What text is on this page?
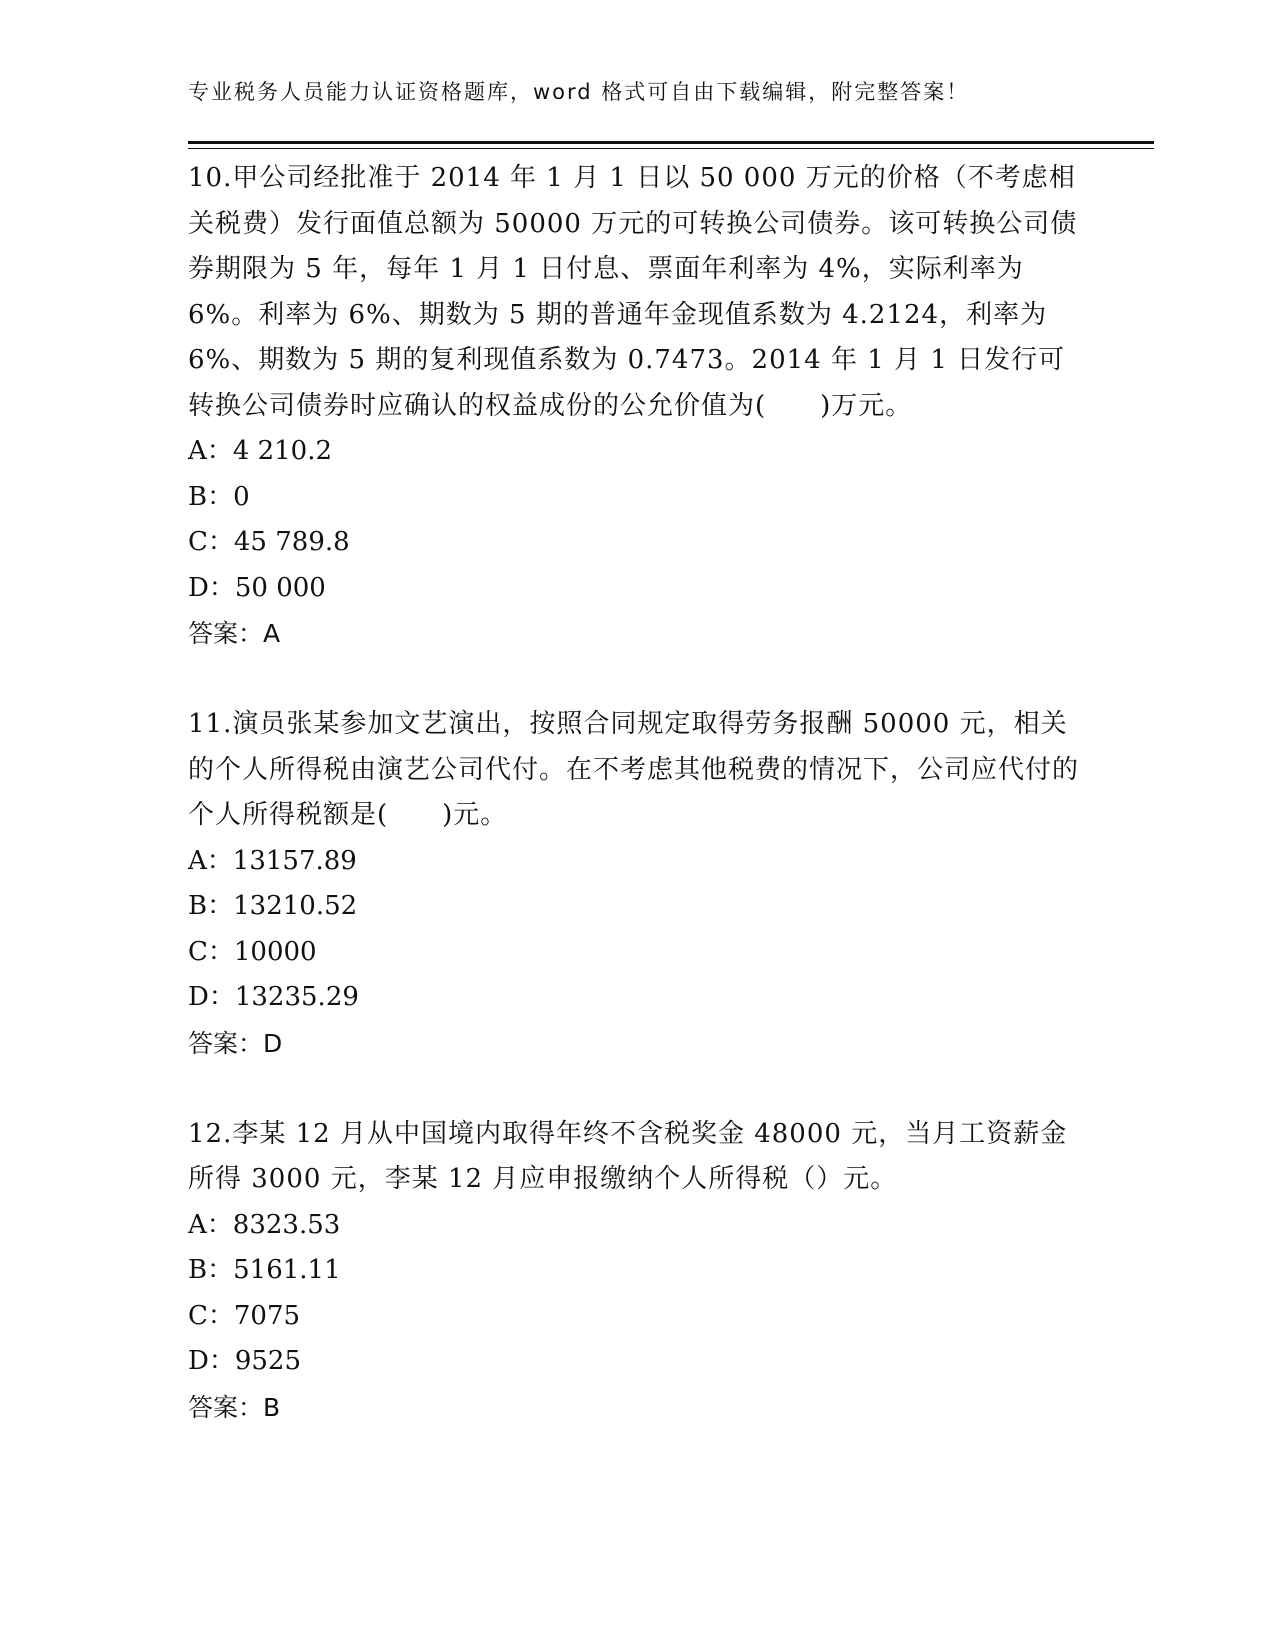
专业税务人员能力认证资格题库，word 格式可自由下载编辑，附完整答案！

10.甲公司经批准于 2014 年 1 月 1 日以 50 000 万元的价格（不考虑相关税费）发行面值总额为 50000 万元的可转换公司债券。该可转换公司债券期限为 5 年，每年 1 月 1 日付息、票面年利率为 4%，实际利率为 6%。利率为 6%、期数为 5 期的普通年金现值系数为 4.2124，利率为 6%、期数为 5 期的复利现值系数为 0.7473。2014 年 1 月 1 日发行可转换公司债券时应确认的权益成份的公允价值为(　　)万元。

A：4 210.2

B：0

C：45 789.8

D：50 000

答案：A

11.演员张某参加文艺演出，按照合同规定取得劳务报酬 50000 元，相关的个人所得税由演艺公司代付。在不考虑其他税费的情况下，公司应代付的个人所得税额是(　　)元。

A：13157.89

B：13210.52

C：10000

D：13235.29

答案：D

12.李某 12 月从中国境内取得年终不含税奖金 48000 元，当月工资薪金所得 3000 元，李某 12 月应申报缴纳个人所得税（）元。

A：8323.53

B：5161.11

C：7075

D：9525

答案：B
